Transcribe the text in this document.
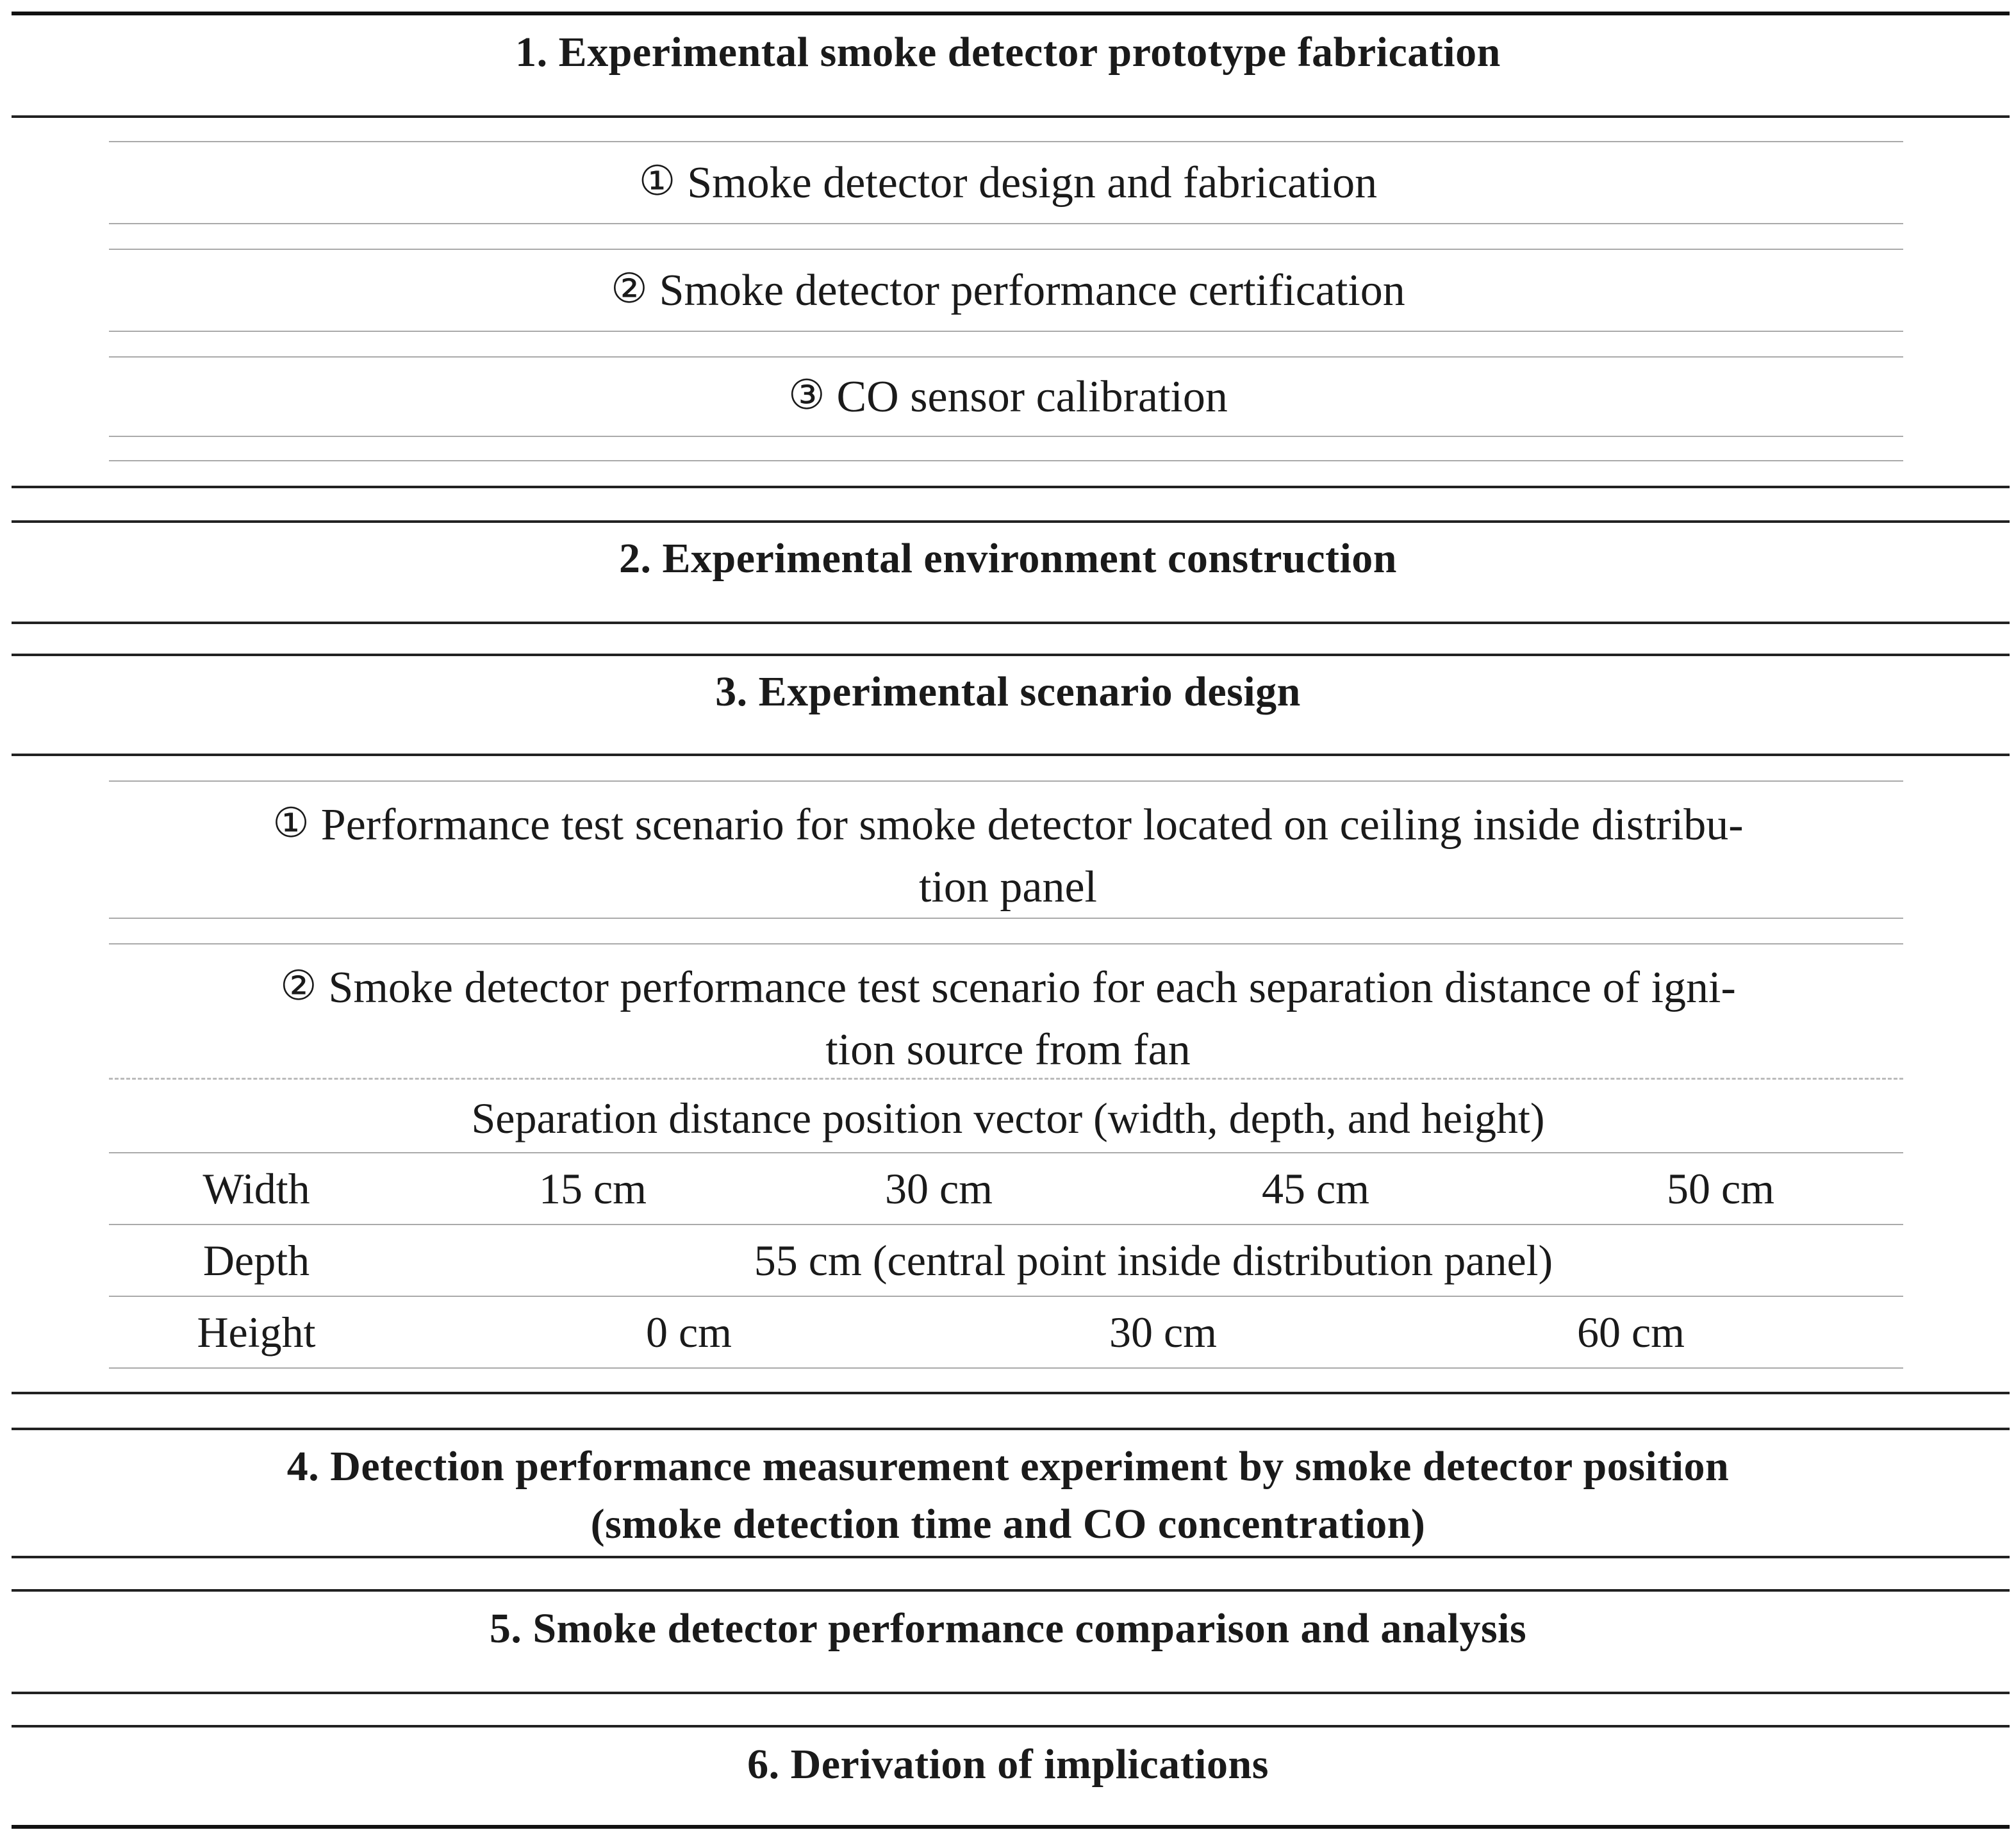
1. Experimental smoke detector prototype fabrication
① Smoke detector design and fabrication
② Smoke detector performance certification
③ CO sensor calibration
2. Experimental environment construction
3. Experimental scenario design
① Performance test scenario for smoke detector located on ceiling inside distribu-
tion panel
② Smoke detector performance test scenario for each separation distance of igni-
tion source from fan
Separation distance position vector (width, depth, and height)
Width	15 cm	30 cm	45 cm	50 cm
Depth	55 cm (central point inside distribution panel)
Height	0 cm	30 cm	60 cm
4. Detection performance measurement experiment by smoke detector position
(smoke detection time and CO concentration)
5. Smoke detector performance comparison and analysis
6. Derivation of implications
